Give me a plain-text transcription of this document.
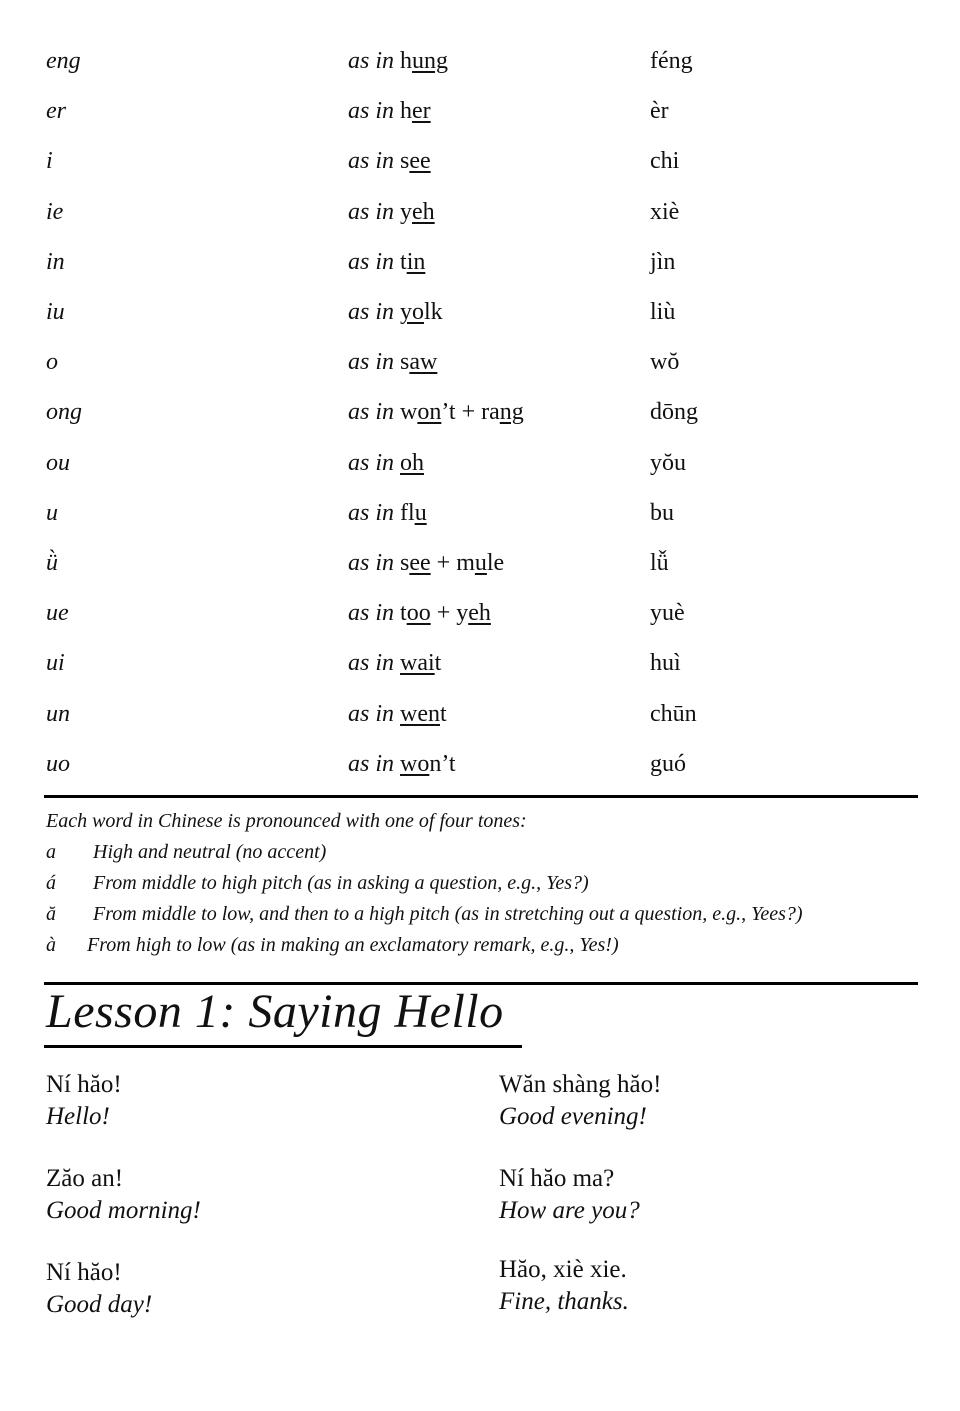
eng	as in hung	féng
er	as in her	èr
i	as in see	chi
ie	as in yeh	xiè
in	as in tin	jìn
iu	as in yolk	liù
o	as in saw	wŏ
ong	as in won’t + rang	dōng
ou	as in oh	yŏu
u	as in flu	bu
ǜ	as in see + mule	lǚ
ue	as in too + yeh	yuè
ui	as in wait	huì
un	as in went	chūn
uo	as in won’t	guó
Each word in Chinese is pronounced with one of four tones:
a High and neutral (no accent)
á From middle to high pitch (as in asking a question, e.g., Yes?)
ă From middle to low, and then to a high pitch (as in stretching out a question, e.g., Yees?)
à From high to low (as in making an exclamatory remark, e.g., Yes!)
Lesson 1: Saying Hello
Ní hăo!
Hello!
Zăo an!
Good morning!
Ní hăo!
Good day!
Wăn shàng hăo!
Good evening!
Ní hăo ma?
How are you?
Hăo, xiè xie.
Fine, thanks.
